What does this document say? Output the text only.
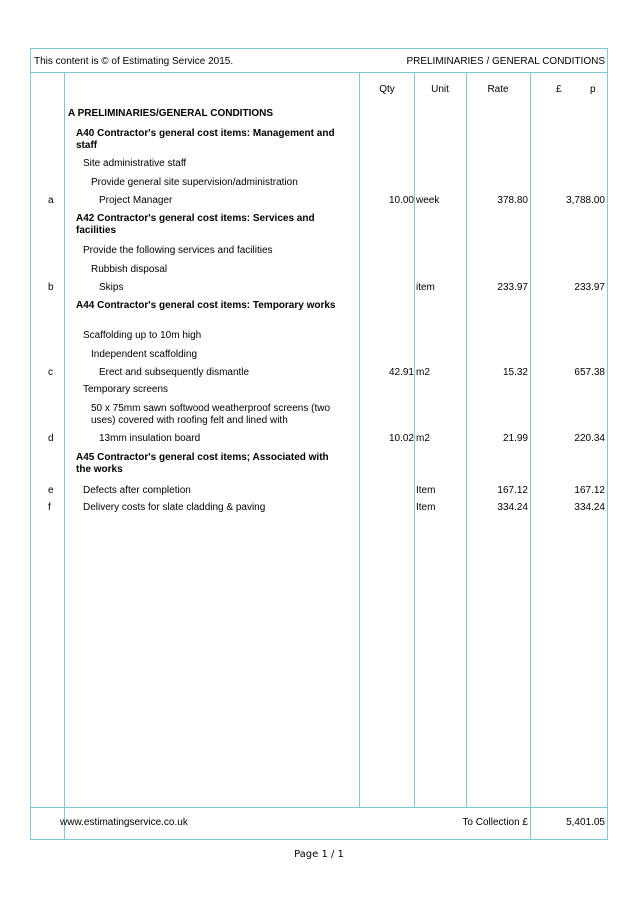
This content is © of Estimating Service 2015.	PRELIMINARIES / GENERAL CONDITIONS
Qty	Unit	Rate	£	p
A PRELIMINARIES/GENERAL CONDITIONS
A40 Contractor's general cost items: Management and staff
Site administrative staff
Provide general site supervision/administration
a	Project Manager	10.00 week	378.80	3,788.00
A42 Contractor's general cost items: Services and facilities
Provide the following services and facilities
Rubbish disposal
b	Skips	item	233.97	233.97
A44 Contractor's general cost items: Temporary works
Scaffolding up to 10m high
Independent scaffolding
c	Erect and subsequently dismantle	42.91 m2	15.32	657.38
Temporary screens
50 x 75mm sawn softwood weatherproof screens (two uses) covered with roofing felt and lined with
d	13mm insulation board	10.02 m2	21.99	220.34
A45 Contractor's general cost items; Associated with the works
e	Defects after completion	Item	167.12	167.12
f	Delivery costs for slate cladding & paving	Item	334.24	334.24
www.estimatingservice.co.uk	To Collection £	5,401.05
Page 1 / 1
